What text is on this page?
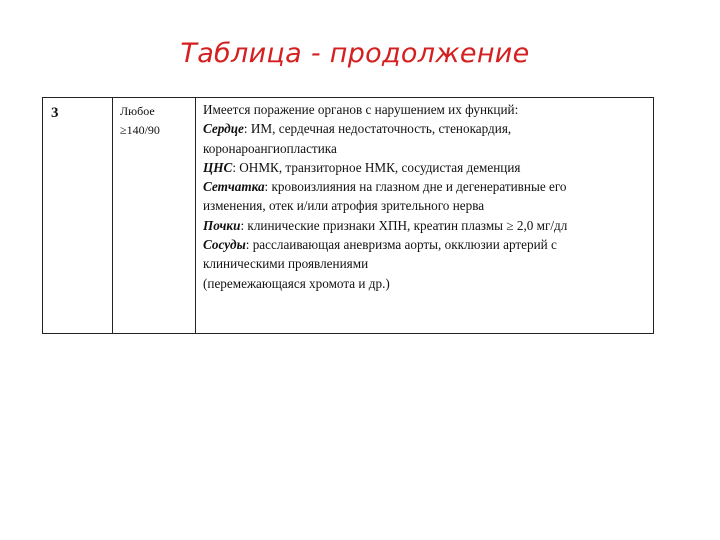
Таблица - продолжение
3	Любое
≥140/90
Имеется поражение органов с нарушением их функций:
Сердце: ИМ, сердечная недостаточность, стенокардия,
коронароангиопластика
ЦНС: ОНМК, транзиторное НМК, сосудистая деменция
Сетчатка: кровоизлияния на глазном дне и дегенеративные его
изменения, отек и/или атрофия зрительного нерва
Почки: клинические признаки ХПН, креатин плазмы ≥ 2,0 мг/дл
Сосуды: расслаивающая аневризма аорты, окклюзии артерий с
клиническими проявлениями
(перемежающаяся хромота и др.)
